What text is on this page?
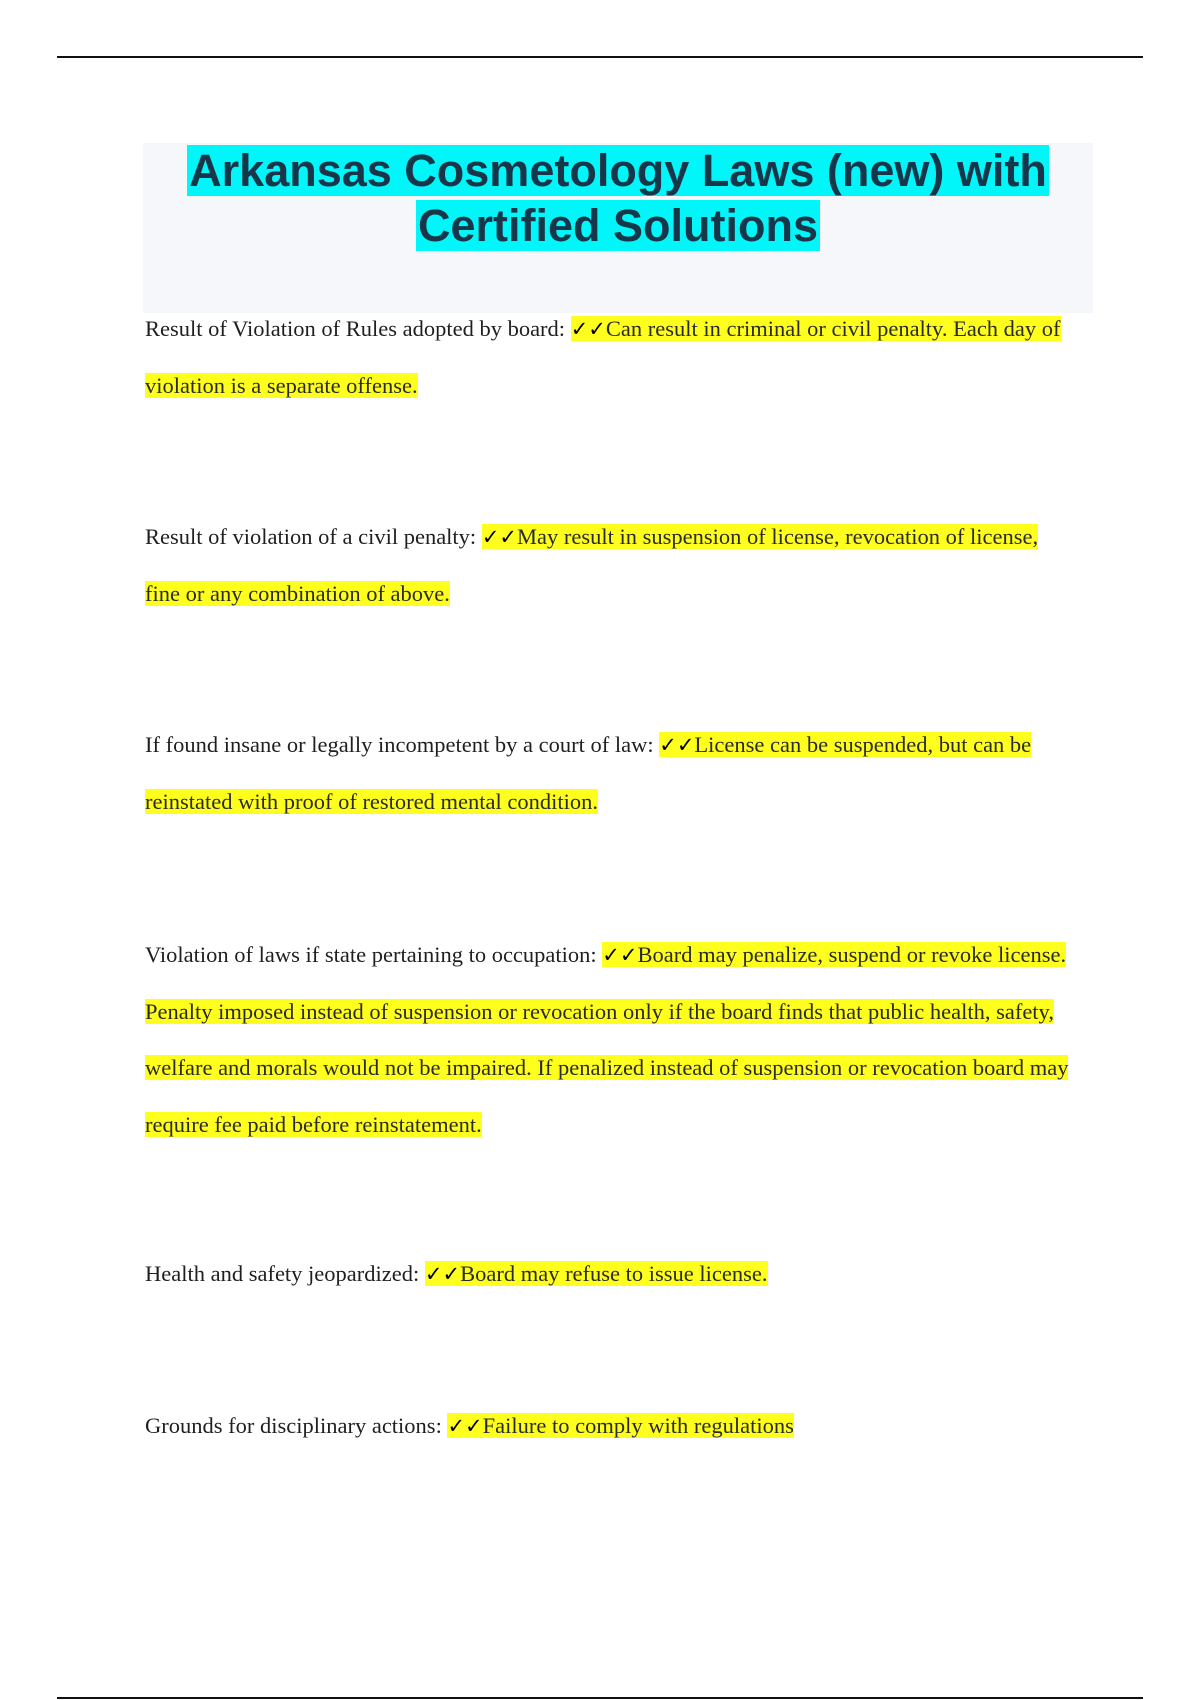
Arkansas Cosmetology Laws (new) with
Certified Solutions

Result of Violation of Rules adopted by board: ✓✓Can result in criminal or civil penalty. Each day of violation is a separate offense.

Result of violation of a civil penalty: ✓✓May result in suspension of license, revocation of license, fine or any combination of above.

If found insane or legally incompetent by a court of law: ✓✓License can be suspended, but can be reinstated with proof of restored mental condition.

Violation of laws if state pertaining to occupation: ✓✓Board may penalize, suspend or revoke license. Penalty imposed instead of suspension or revocation only if the board finds that public health, safety, welfare and morals would not be impaired. If penalized instead of suspension or revocation board may require fee paid before reinstatement.

Health and safety jeopardized: ✓✓Board may refuse to issue license.

Grounds for disciplinary actions: ✓✓Failure to comply with regulations
